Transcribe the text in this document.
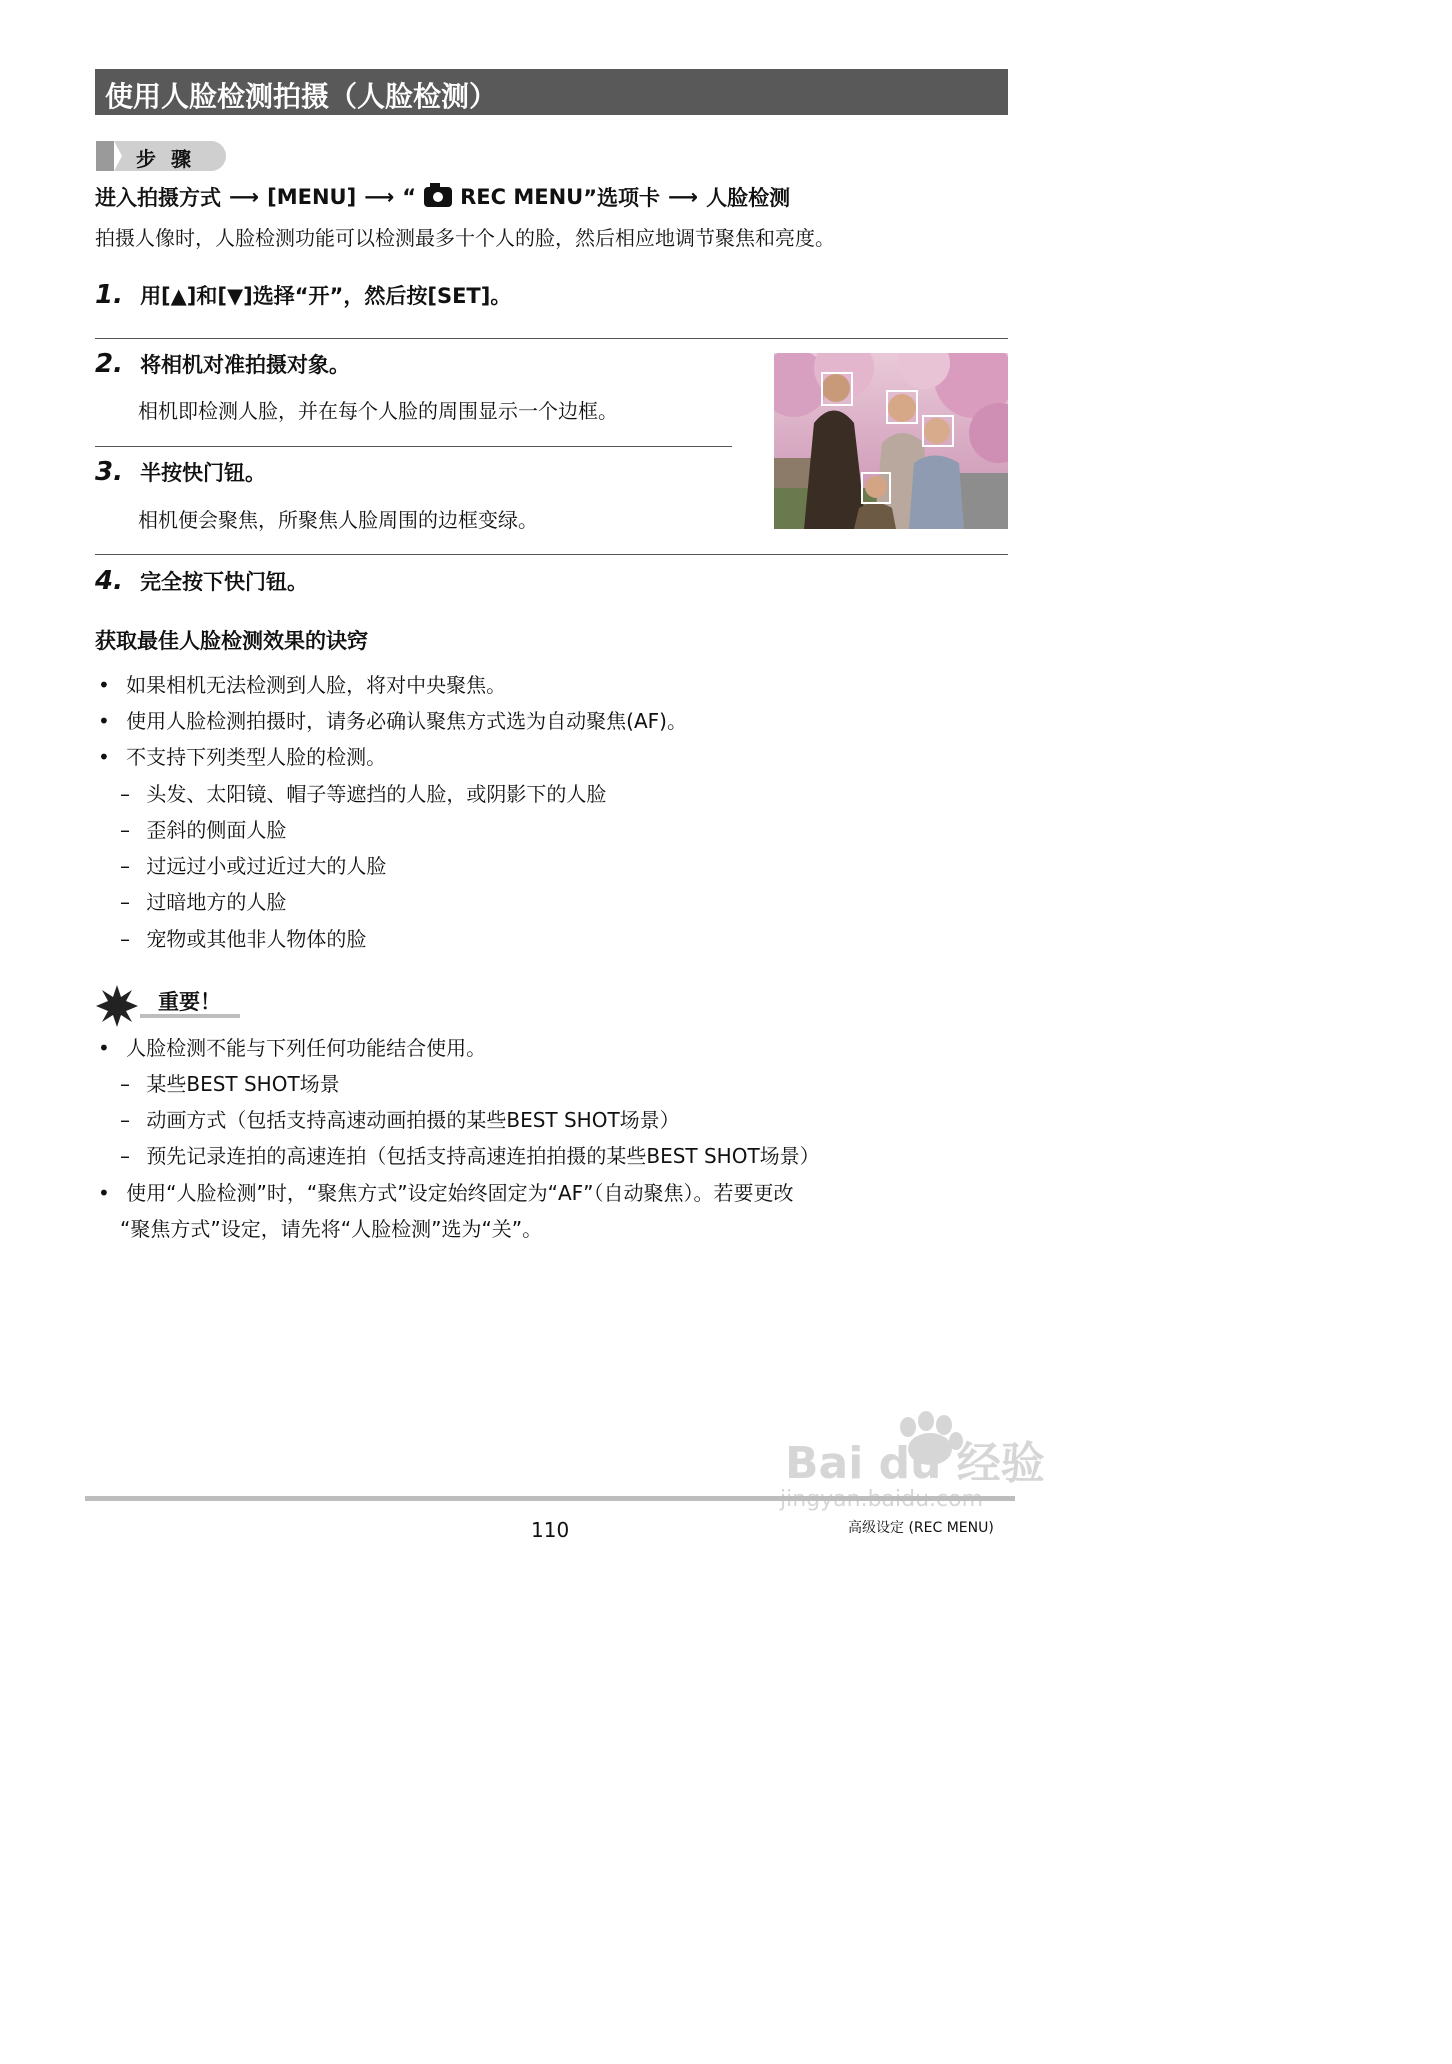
使用人脸检测拍摄（人脸检测）
步 骤
进入拍摄方式 ⟶ [MENU] ⟶ “ REC MENU ”选项卡 ⟶ 人脸检测
拍摄人像时，人脸检测功能可以检测最多十个人的脸，然后相应地调节聚焦和亮度。
1. 用[▲]和[▼]选择“开”，然后按[SET]。
2. 将相机对准拍摄对象。
相机即检测人脸，并在每个人脸的周围显示一个边框。
3. 半按快门钮。
相机便会聚焦，所聚焦人脸周围的边框变绿。
4. 完全按下快门钮。
获取最佳人脸检测效果的诀窍
• 如果相机无法检测到人脸，将对中央聚焦。
• 使用人脸检测拍摄时，请务必确认聚焦方式选为自动聚焦(AF)。
• 不支持下列类型人脸的检测。
– 头发、太阳镜、帽子等遮挡的人脸，或阴影下的人脸
– 歪斜的侧面人脸
– 过远过小或过近过大的人脸
– 过暗地方的人脸
– 宠物或其他非人物体的脸
重要！
• 人脸检测不能与下列任何功能结合使用。
– 某些BEST SHOT场景
– 动画方式（包括支持高速动画拍摄的某些BEST SHOT场景）
– 预先记录连拍的高速连拍（包括支持高速连拍拍摄的某些BEST SHOT场景）
• 使用“人脸检测”时，“聚焦方式”设定始终固定为“AF”（自动聚焦）。若要更改
“聚焦方式”设定，请先将“人脸检测”选为“关”。
Bai du 经验
110	高级设定 (REC MENU)
